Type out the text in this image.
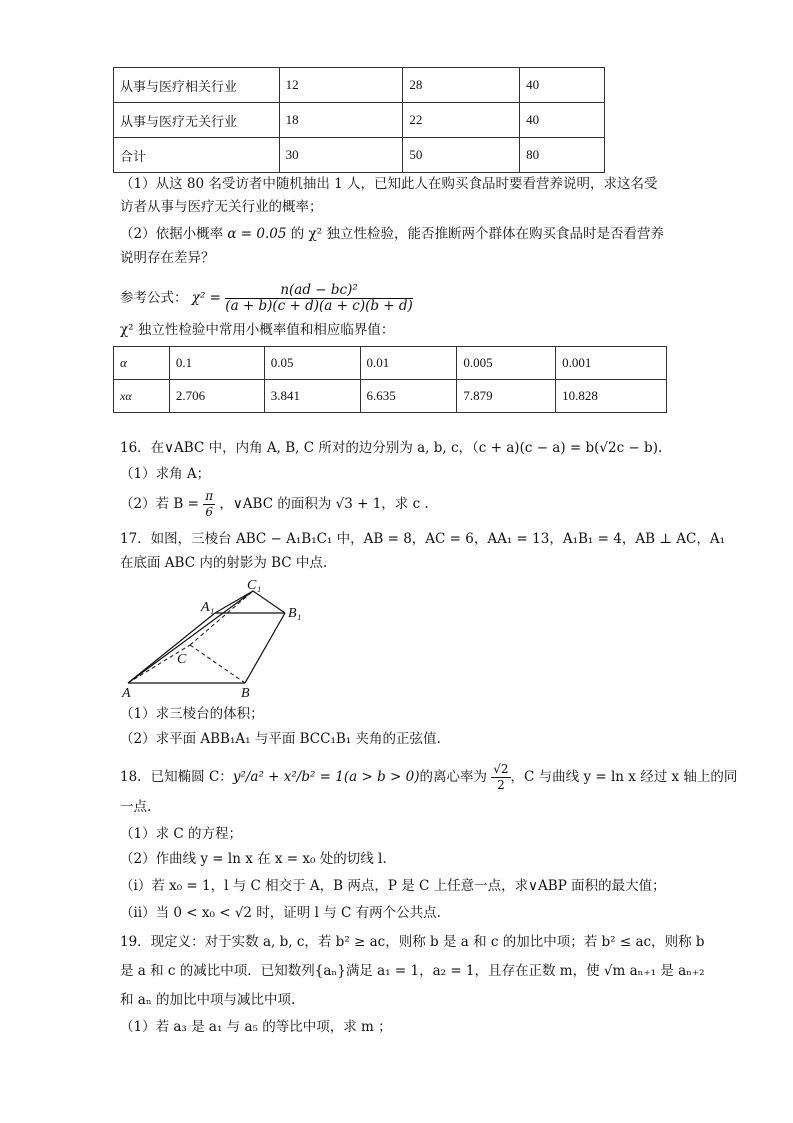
从事与医疗相关行业	12	28	40
从事与医疗无关行业	18	22	40
合计	30	50	80
（1）从这 80 名受访者中随机抽出 1 人，已知此人在购买食品时要看营养说明，求这名受
访者从事与医疗无关行业的概率；
（2）依据小概率 α = 0.05 的 χ² 独立性检验，能否推断两个群体在购买食品时是否看营养
说明存在差异？
参考公式： $\chi^2 = \frac{\text{n(ad − bc)²}}{(a + b)(c + d)(a + c)(b + d)}$
χ² 独立性检验中常用小概率值和相应临界值：
α	0.1	0.05	0.01	0.005	0.001
xα	2.706	3.841	6.635	7.879	10.828
16．在∨ABC 中，内角 A, B, C 所对的边分别为 a, b, c，（c + a)(c − a) = b(√2c − b).
（1）求角 A；
（2）若 $B = \frac{\pi}{6}$ ，∨ABC 的面积为 √3 + 1，求 c .
17．如图，三棱台 ABC − A₁B₁C₁ 中，AB = 8，AC = 6，AA₁ = 13，A₁B₁ = 4，AB ⊥ AC，A₁
在底面 ABC 内的射影为 BC 中点.
C₁
A₁	B₁
C
A	B
（1）求三棱台的体积；
（2）求平面 ABB₁A₁ 与平面 BCC₁B₁ 夹角的正弦值.
18．已知椭圆 C：y²/a² + x²/b² = 1(a > b > 0)的离心率为 $\frac{√2}{2}$ ，C 与曲线 y = ln x 经过 x 轴上的同
一点.
（1）求 C 的方程；
（2）作曲线 y = ln x 在 x = x₀ 处的切线 l.
（ⅰ）若 x₀ = 1，l 与 C 相交于 A，B 两点，P 是 C 上任意一点，求∨ABP 面积的最大值；
（ⅱ）当 0 < x₀ < √2 时，证明 l 与 C 有两个公共点.
19．现定义：对于实数 a, b, c，若 b² ≥ ac，则称 b 是 a 和 c 的加比中项；若 b² ≤ ac，则称 b
是 a 和 c 的减比中项．已知数列{aₙ}满足 a₁ = 1，a₂ = 1，且存在正数 m，使 √m aₙ₊₁ 是 aₙ₊₂
和 aₙ 的加比中项与减比中项.
（1）若 a₃ 是 a₁ 与 a₅ 的等比中项，求 m ；
